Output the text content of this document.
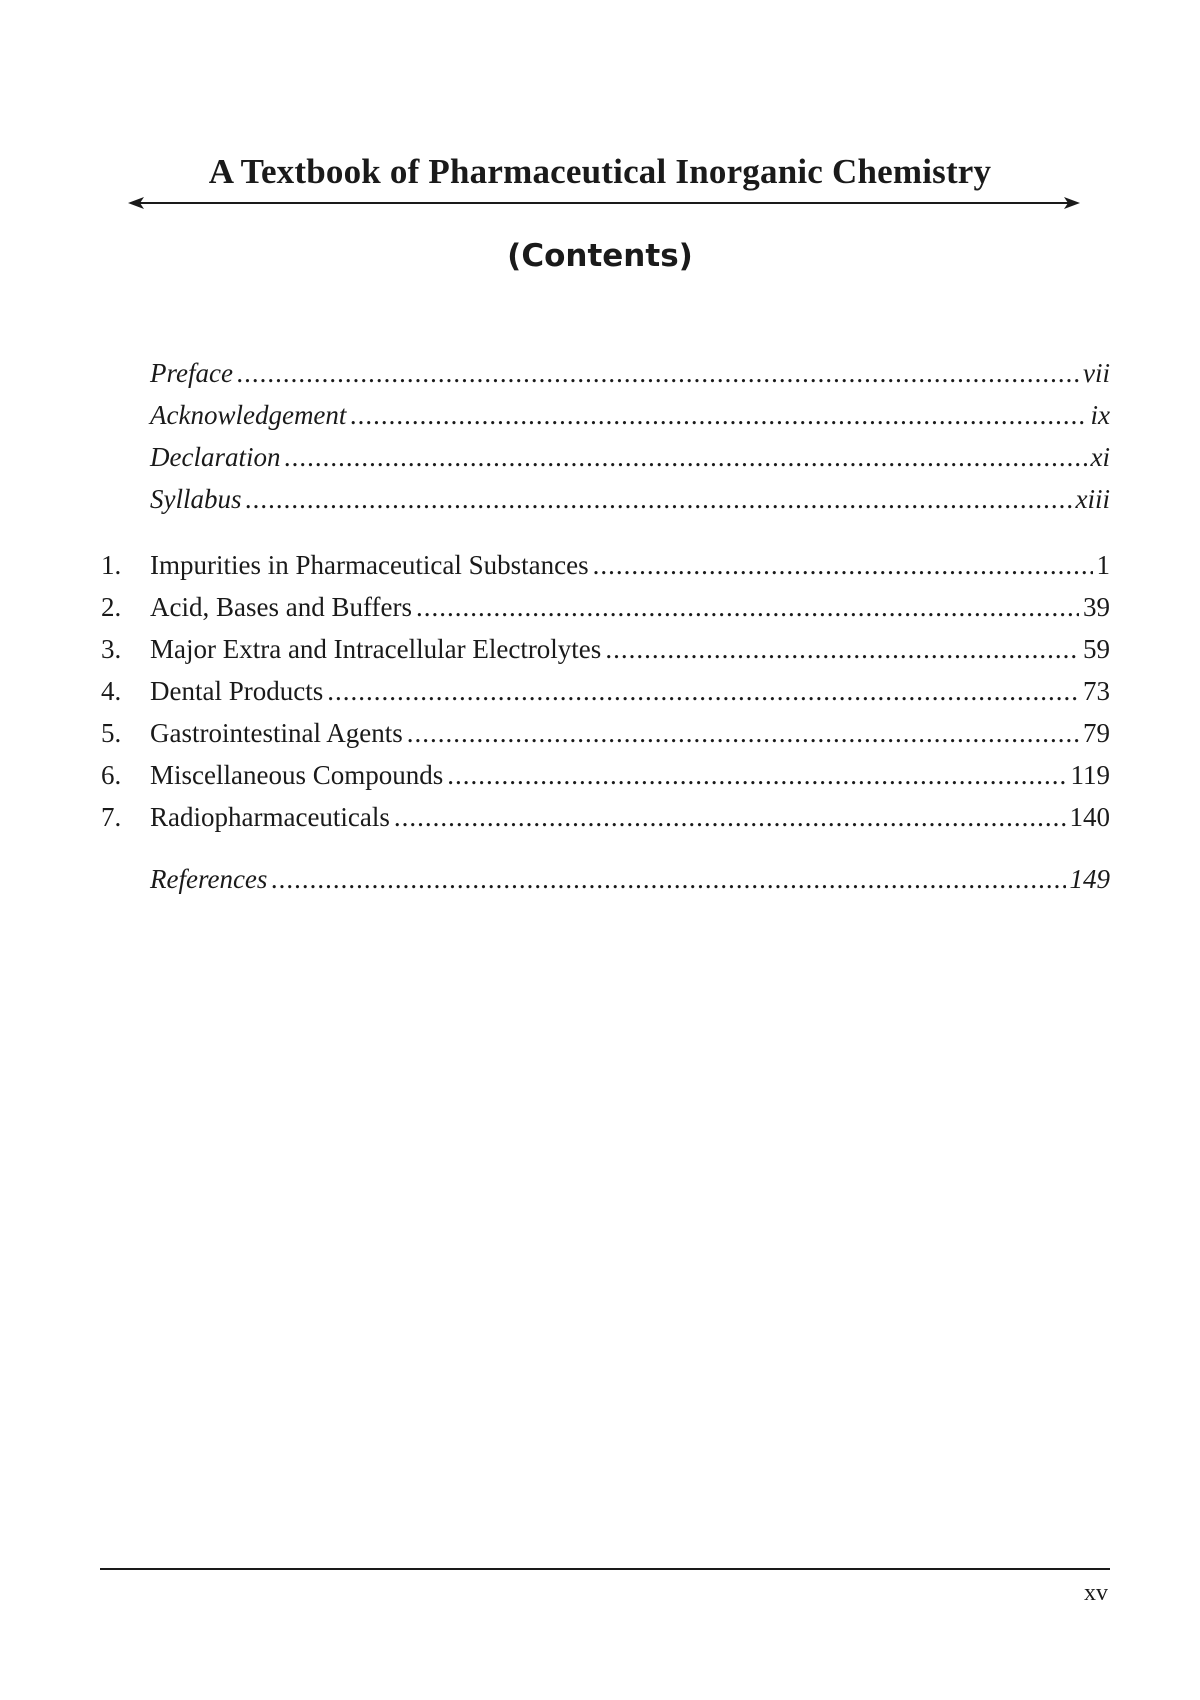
A Textbook of Pharmaceutical Inorganic Chemistry
(Contents)
Preface .....	vii
Acknowledgement .....	ix
Declaration .....	xi
Syllabus .....	xiii
1. Impurities in Pharmaceutical Substances .....	1
2. Acid, Bases and Buffers .....	39
3. Major Extra and Intracellular Electrolytes .....	59
4. Dental Products .....	73
5. Gastrointestinal Agents .....	79
6. Miscellaneous Compounds .....	119
7. Radiopharmaceuticals .....	140
References .....	149
xv
